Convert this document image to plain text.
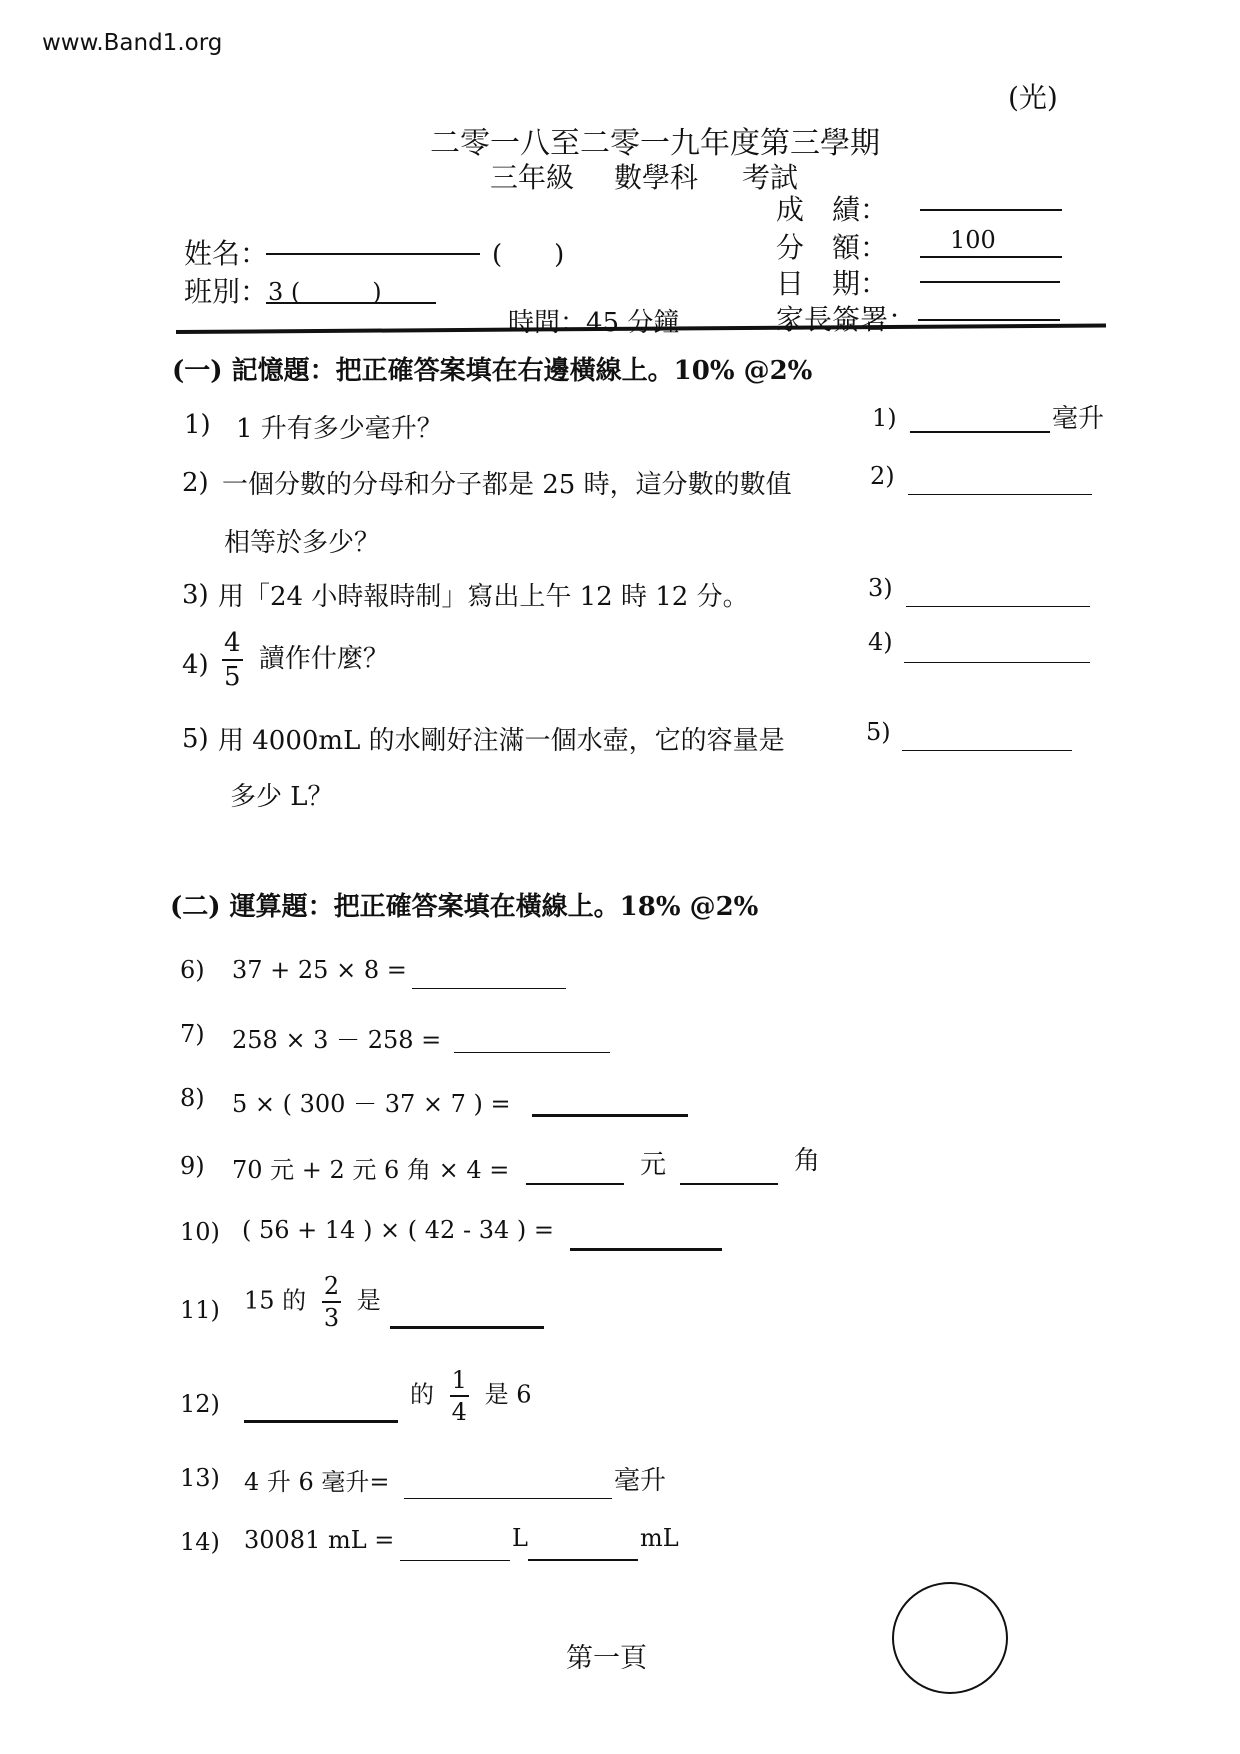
www.Band1.org
(光)
二零一八至二零一九年度第三學期
三年級 數學科 考試
成　績：
分　額：	100
日　期：
家長簽署：
姓名：	(　　)
班別： 3 (　　　)
時間：45 分鐘
(一) 記憶題：把正確答案填在右邊橫線上。10% @2%
1) 1 升有多少毫升？	1)	毫升
2) 一個分數的分母和分子都是 25 時，這分數的數值
相等於多少？
2)
3) 用「24 小時報時制」寫出上午 12 時 12 分。	3)
$4) \frac{4}{5}$ 讀作什麼？
4)
5) 用 4000mL 的水剛好注滿一個水壺，它的容量是
多少 L？
5)
(二) 運算題：把正確答案填在橫線上。18% @2%
6) 37 + 25 × 8 =
7) 258 × 3 － 258 =
8) 5 × ( 300 － 37 × 7 ) =
9) 70 元 + 2 元 6 角 × 4 =	元	角
10) ( 56 + 14 ) × ( 42 - 34 ) =
11) 15 的 $\frac{2}{3}$ 是
12)	的 $\frac{1}{4}$ 是 6
13) 4 升 6 毫升=	毫升
14) 30081 mL =	L	mL
第一頁
